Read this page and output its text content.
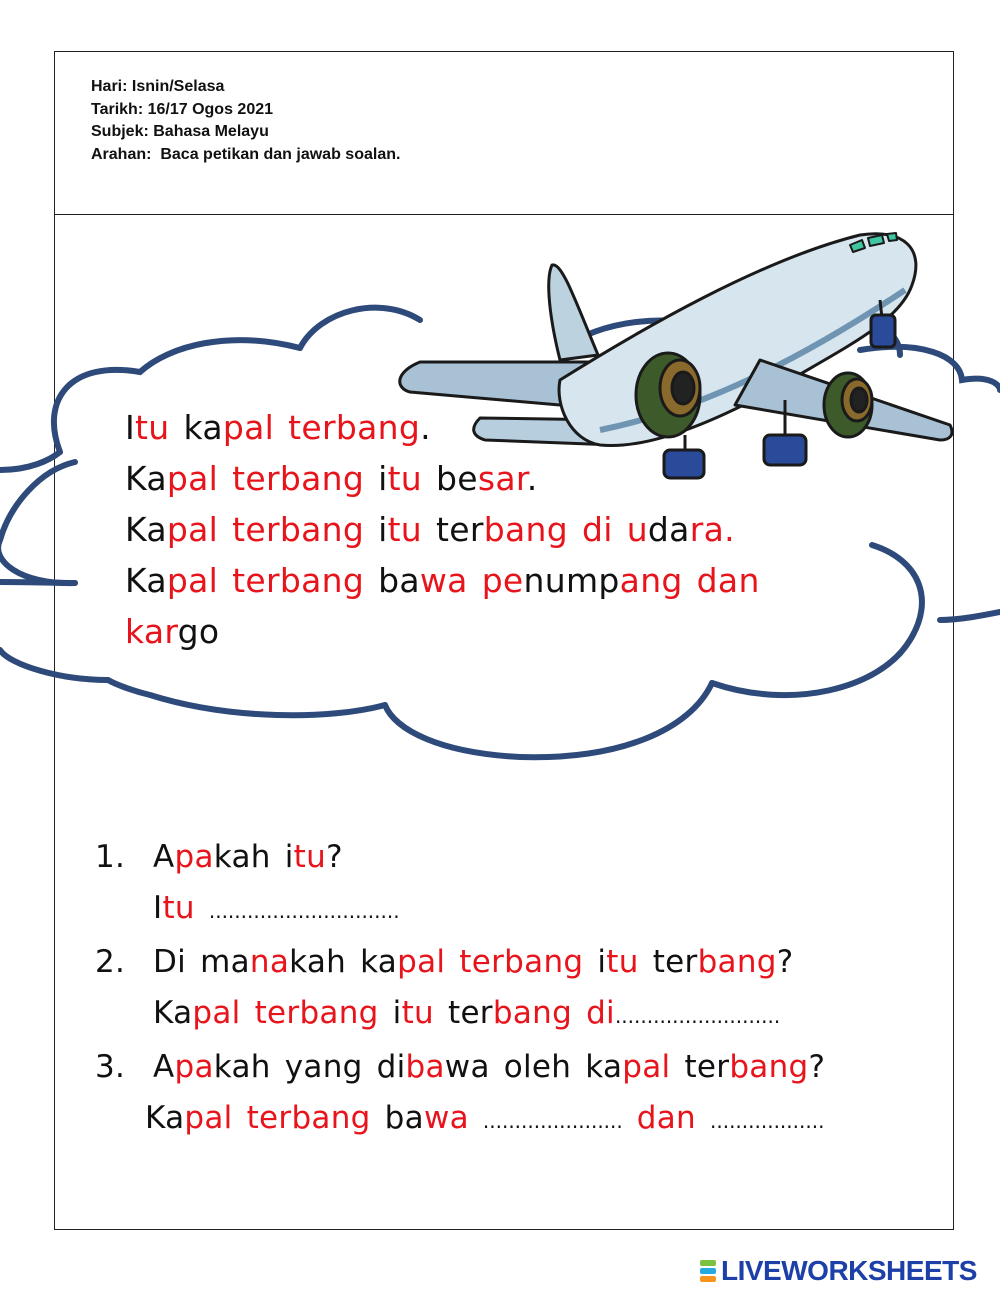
Hari: Isnin/Selasa
Tarikh: 16/17 Ogos 2021
Subjek: Bahasa Melayu
Arahan:  Baca petikan dan jawab soalan.
Itu kapal terbang.
Kapal terbang itu besar.
Kapal terbang itu terbang di udara.
Kapal terbang bawa penumpang dan
kargo
1. Apakah itu?
Itu ..............................
2. Di manakah kapal terbang itu terbang?
Kapal terbang itu terbang di..........................
3. Apakah yang dibawa oleh kapal terbang?
Kapal terbang bawa ...................... dan ..................
LIVEWORKSHEETS
